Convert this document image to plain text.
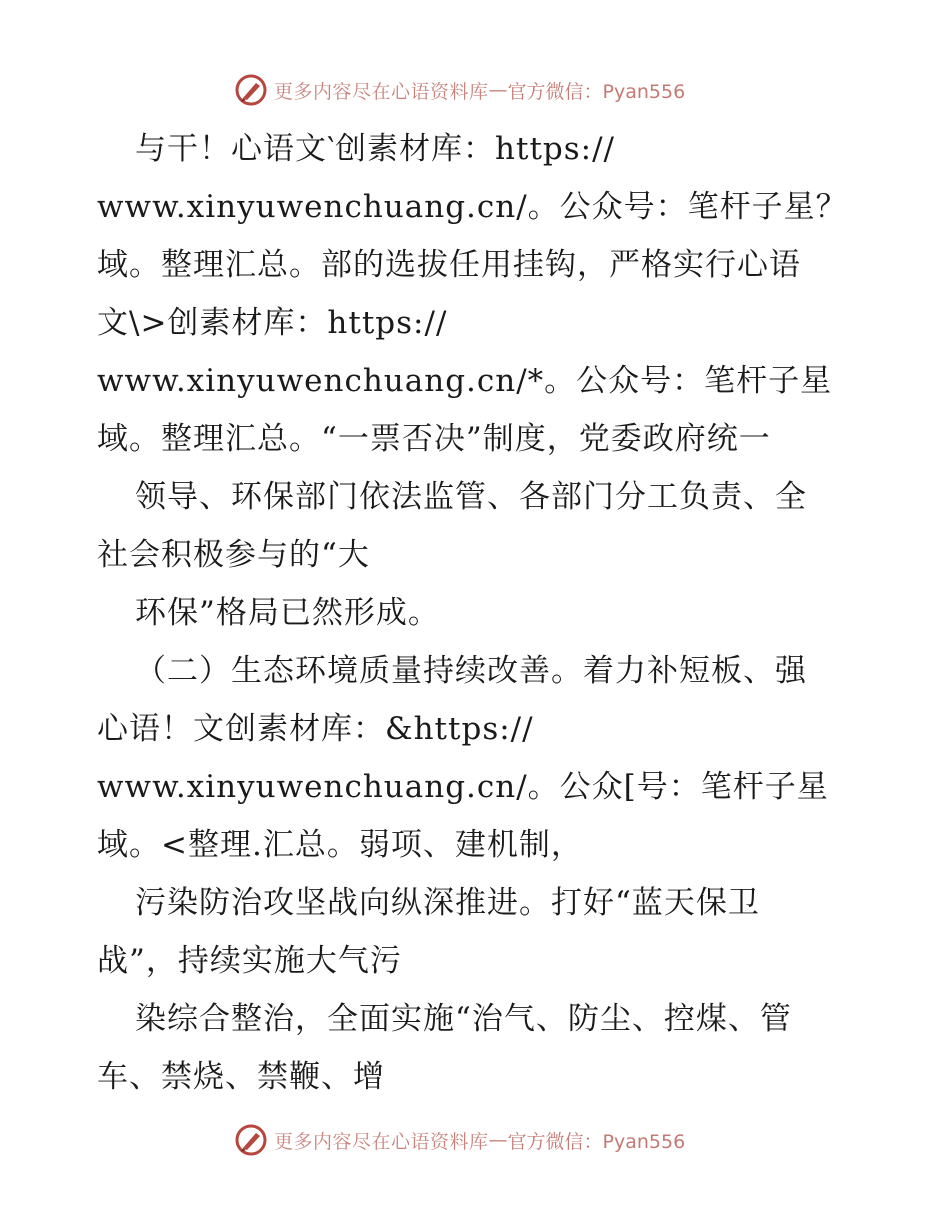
更多内容尽在心语资料库 — 官方微信：Pyan556
与干！心语文‵创素材库：https://
www.xinyuwenchuang.cn/。公众号：笔杆子星？
域。整理汇总。部的选拔任用挂钩，严格实行心语
文\>创素材库：https://
www.xinyuwenchuang.cn/*。公众号：笔杆子星
域。整理汇总。“一票否决”制度，党委政府统一
领导、环保部门依法监管、各部门分工负责、全
社会积极参与的“大
环保”格局已然形成。
（二）生态环境质量持续改善。着力补短板、强
心语！文创素材库：&https://
www.xinyuwenchuang.cn/。公众[号：笔杆子星
域。<整理.汇总。弱项、建机制，
污染防治攻坚战向纵深推进。打好“蓝天保卫
战”，持续实施大气污
染综合整治，全面实施“治气、防尘、控煤、管
车、禁烧、禁鞭、增
更多内容尽在心语资料库 — 官方微信：Pyan556
